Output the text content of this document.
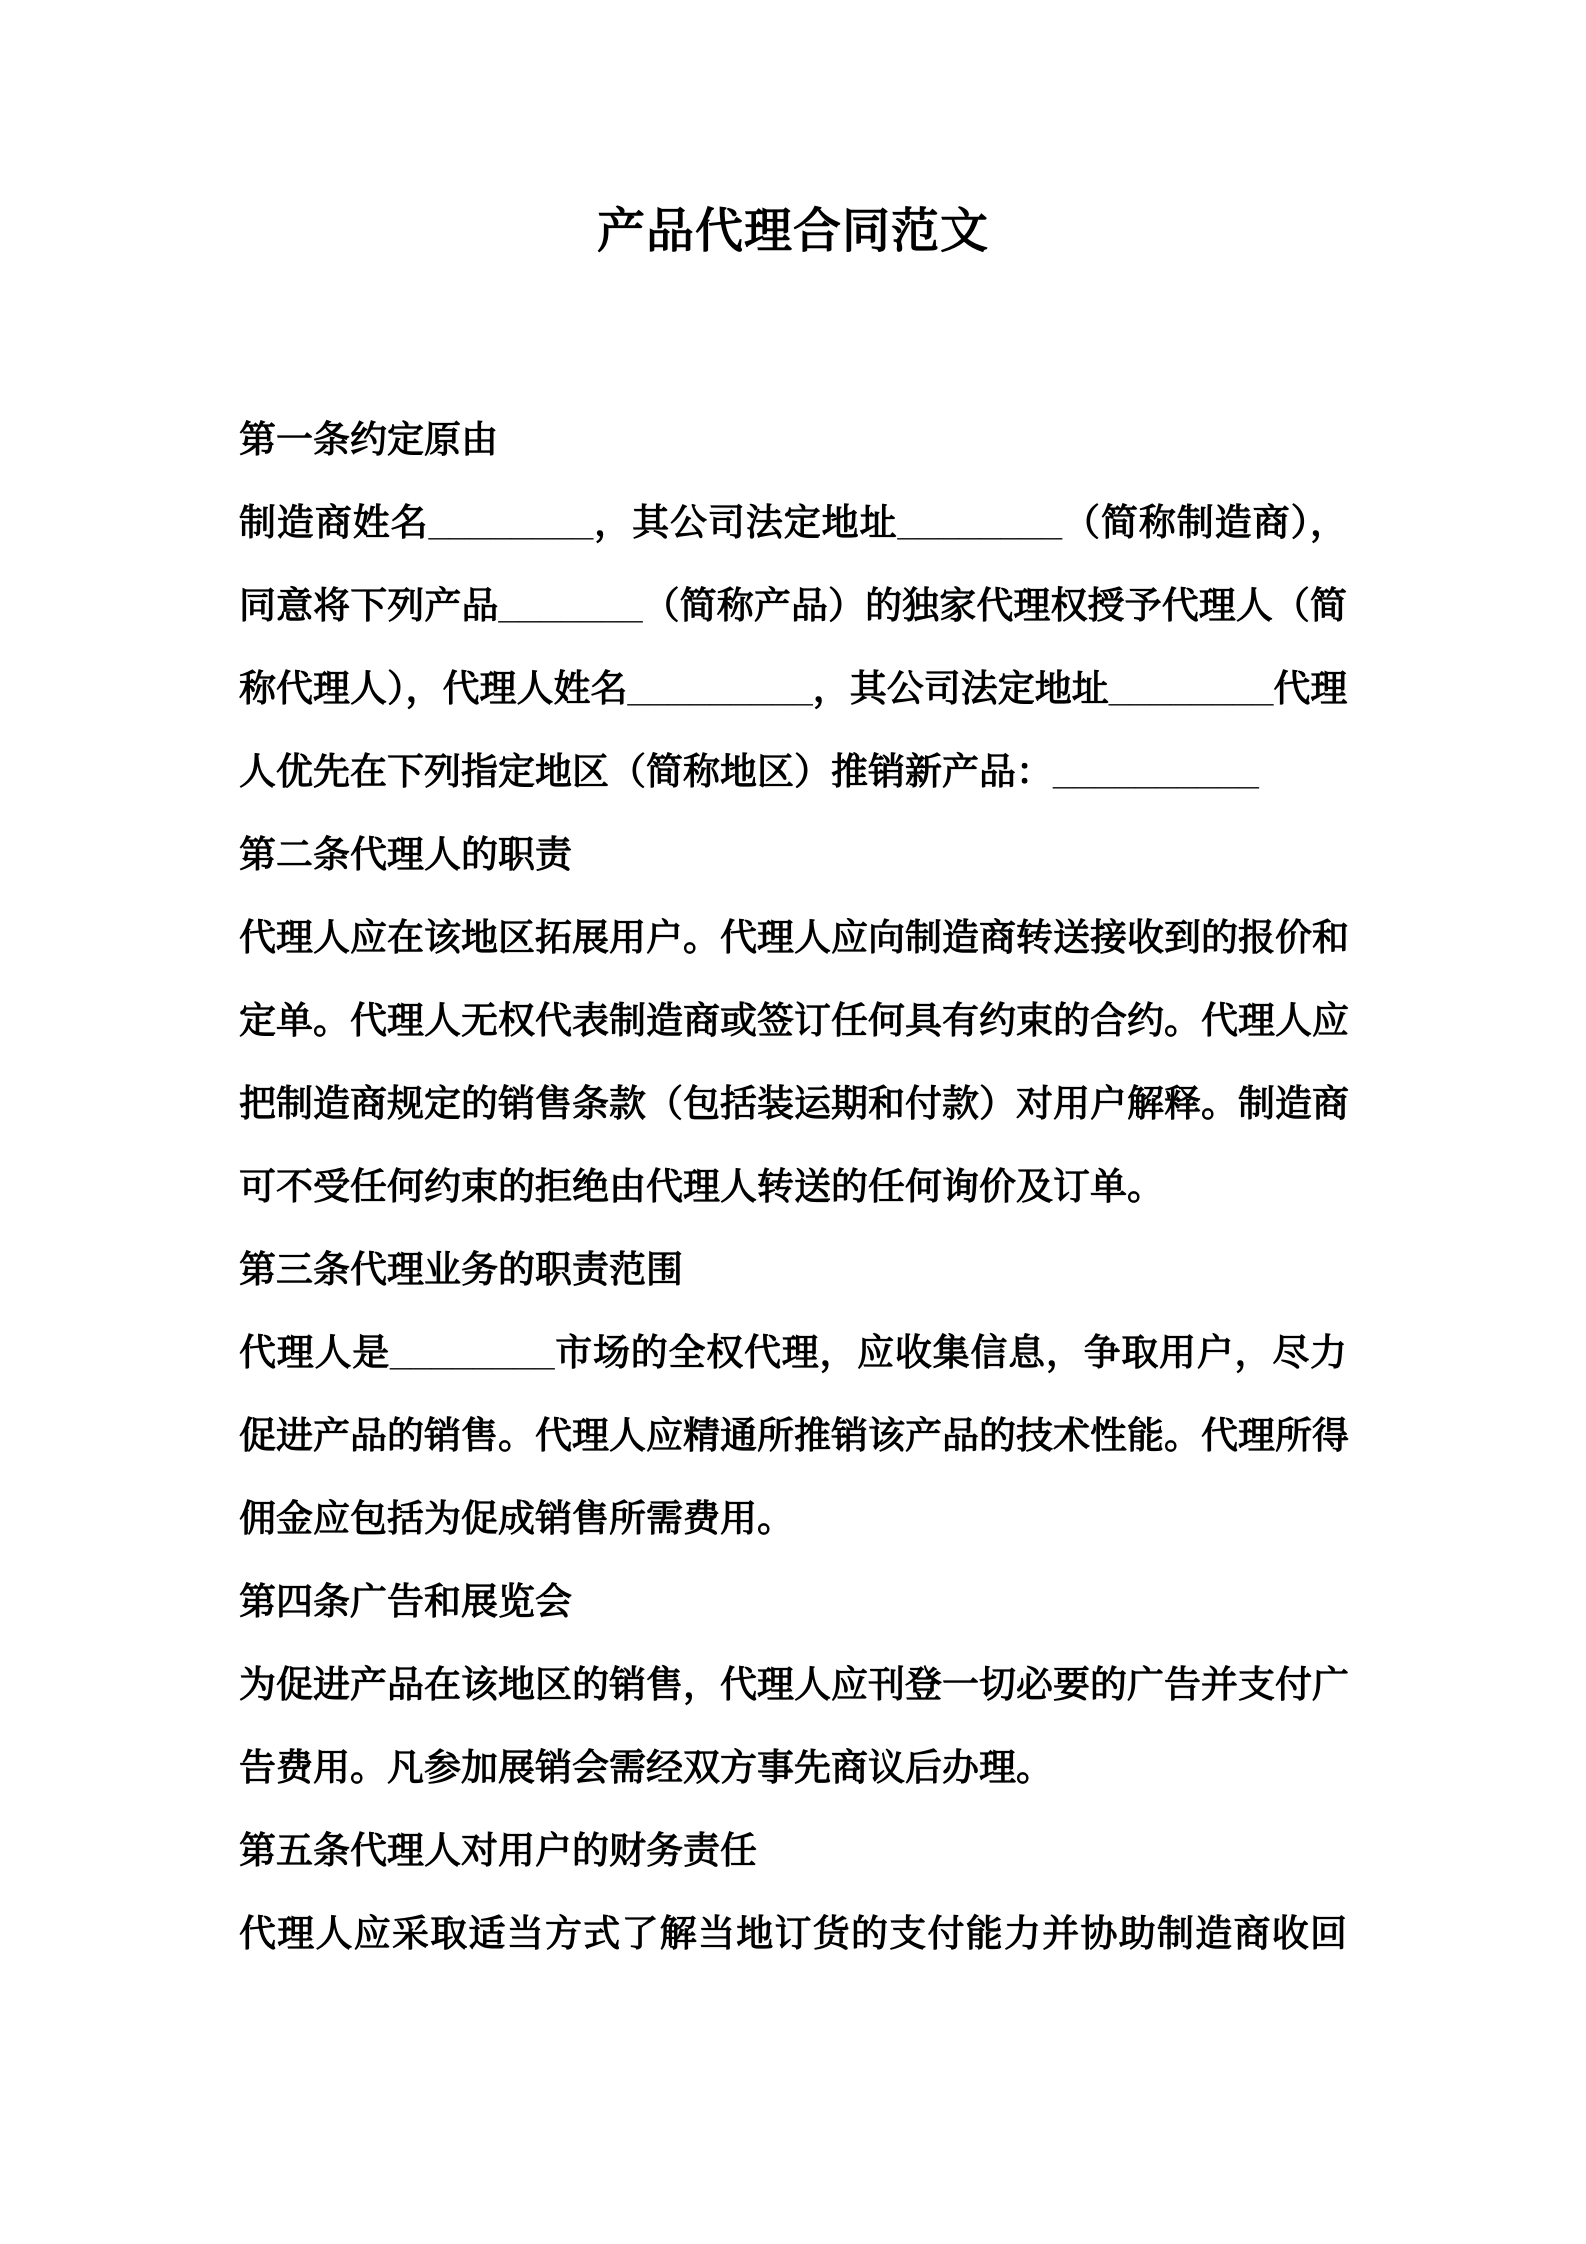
产品代理合同范文
第一条约定原由
制造商姓名________，其公司法定地址________（简称制造商），
同意将下列产品_______（简称产品）的独家代理权授予代理人（简
称代理人），代理人姓名_________，其公司法定地址________代理
人优先在下列指定地区（简称地区）推销新产品：__________
第二条代理人的职责
代理人应在该地区拓展用户。代理人应向制造商转送接收到的报价和
定单。代理人无权代表制造商或签订任何具有约束的合约。代理人应
把制造商规定的销售条款（包括装运期和付款）对用户解释。制造商
可不受任何约束的拒绝由代理人转送的任何询价及订单。
第三条代理业务的职责范围
代理人是________市场的全权代理，应收集信息，争取用户，尽力
促进产品的销售。代理人应精通所推销该产品的技术性能。代理所得
佣金应包括为促成销售所需费用。
第四条广告和展览会
为促进产品在该地区的销售，代理人应刊登一切必要的广告并支付广
告费用。凡参加展销会需经双方事先商议后办理。
第五条代理人对用户的财务责任
代理人应采取适当方式了解当地订货的支付能力并协助制造商收回
